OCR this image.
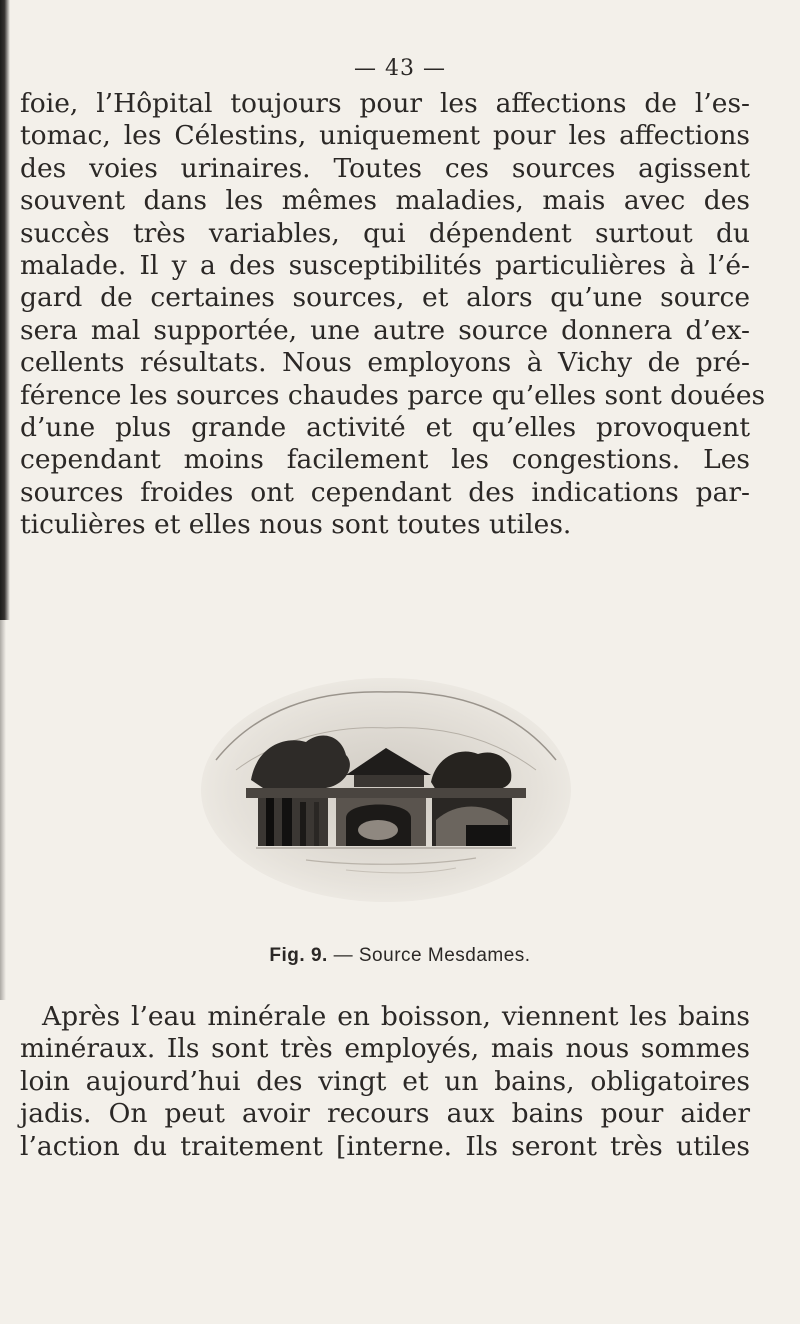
— 43 —
foie, l’Hôpital toujours pour les affections de l’es-
tomac, les Célestins, uniquement pour les affections
des voies urinaires. Toutes ces sources agissent
souvent dans les mêmes maladies, mais avec des
succès très variables, qui dépendent surtout du
malade. Il y a des susceptibilités particulières à l’é-
gard de certaines sources, et alors qu’une source
sera mal supportée, une autre source donnera d’ex-
cellents résultats. Nous employons à Vichy de pré-
férence les sources chaudes parce qu’elles sont douées
d’une plus grande activité et qu’elles provoquent
cependant moins facilement les congestions. Les
sources froides ont cependant des indications par-
ticulières et elles nous sont toutes utiles.

Fig. 9. — Source Mesdames.

Après l’eau minérale en boisson, viennent les bains
minéraux. Ils sont très employés, mais nous sommes
loin aujourd’hui des vingt et un bains, obligatoires
jadis. On peut avoir recours aux bains pour aider
l’action du traitement [interne. Ils seront très utiles
